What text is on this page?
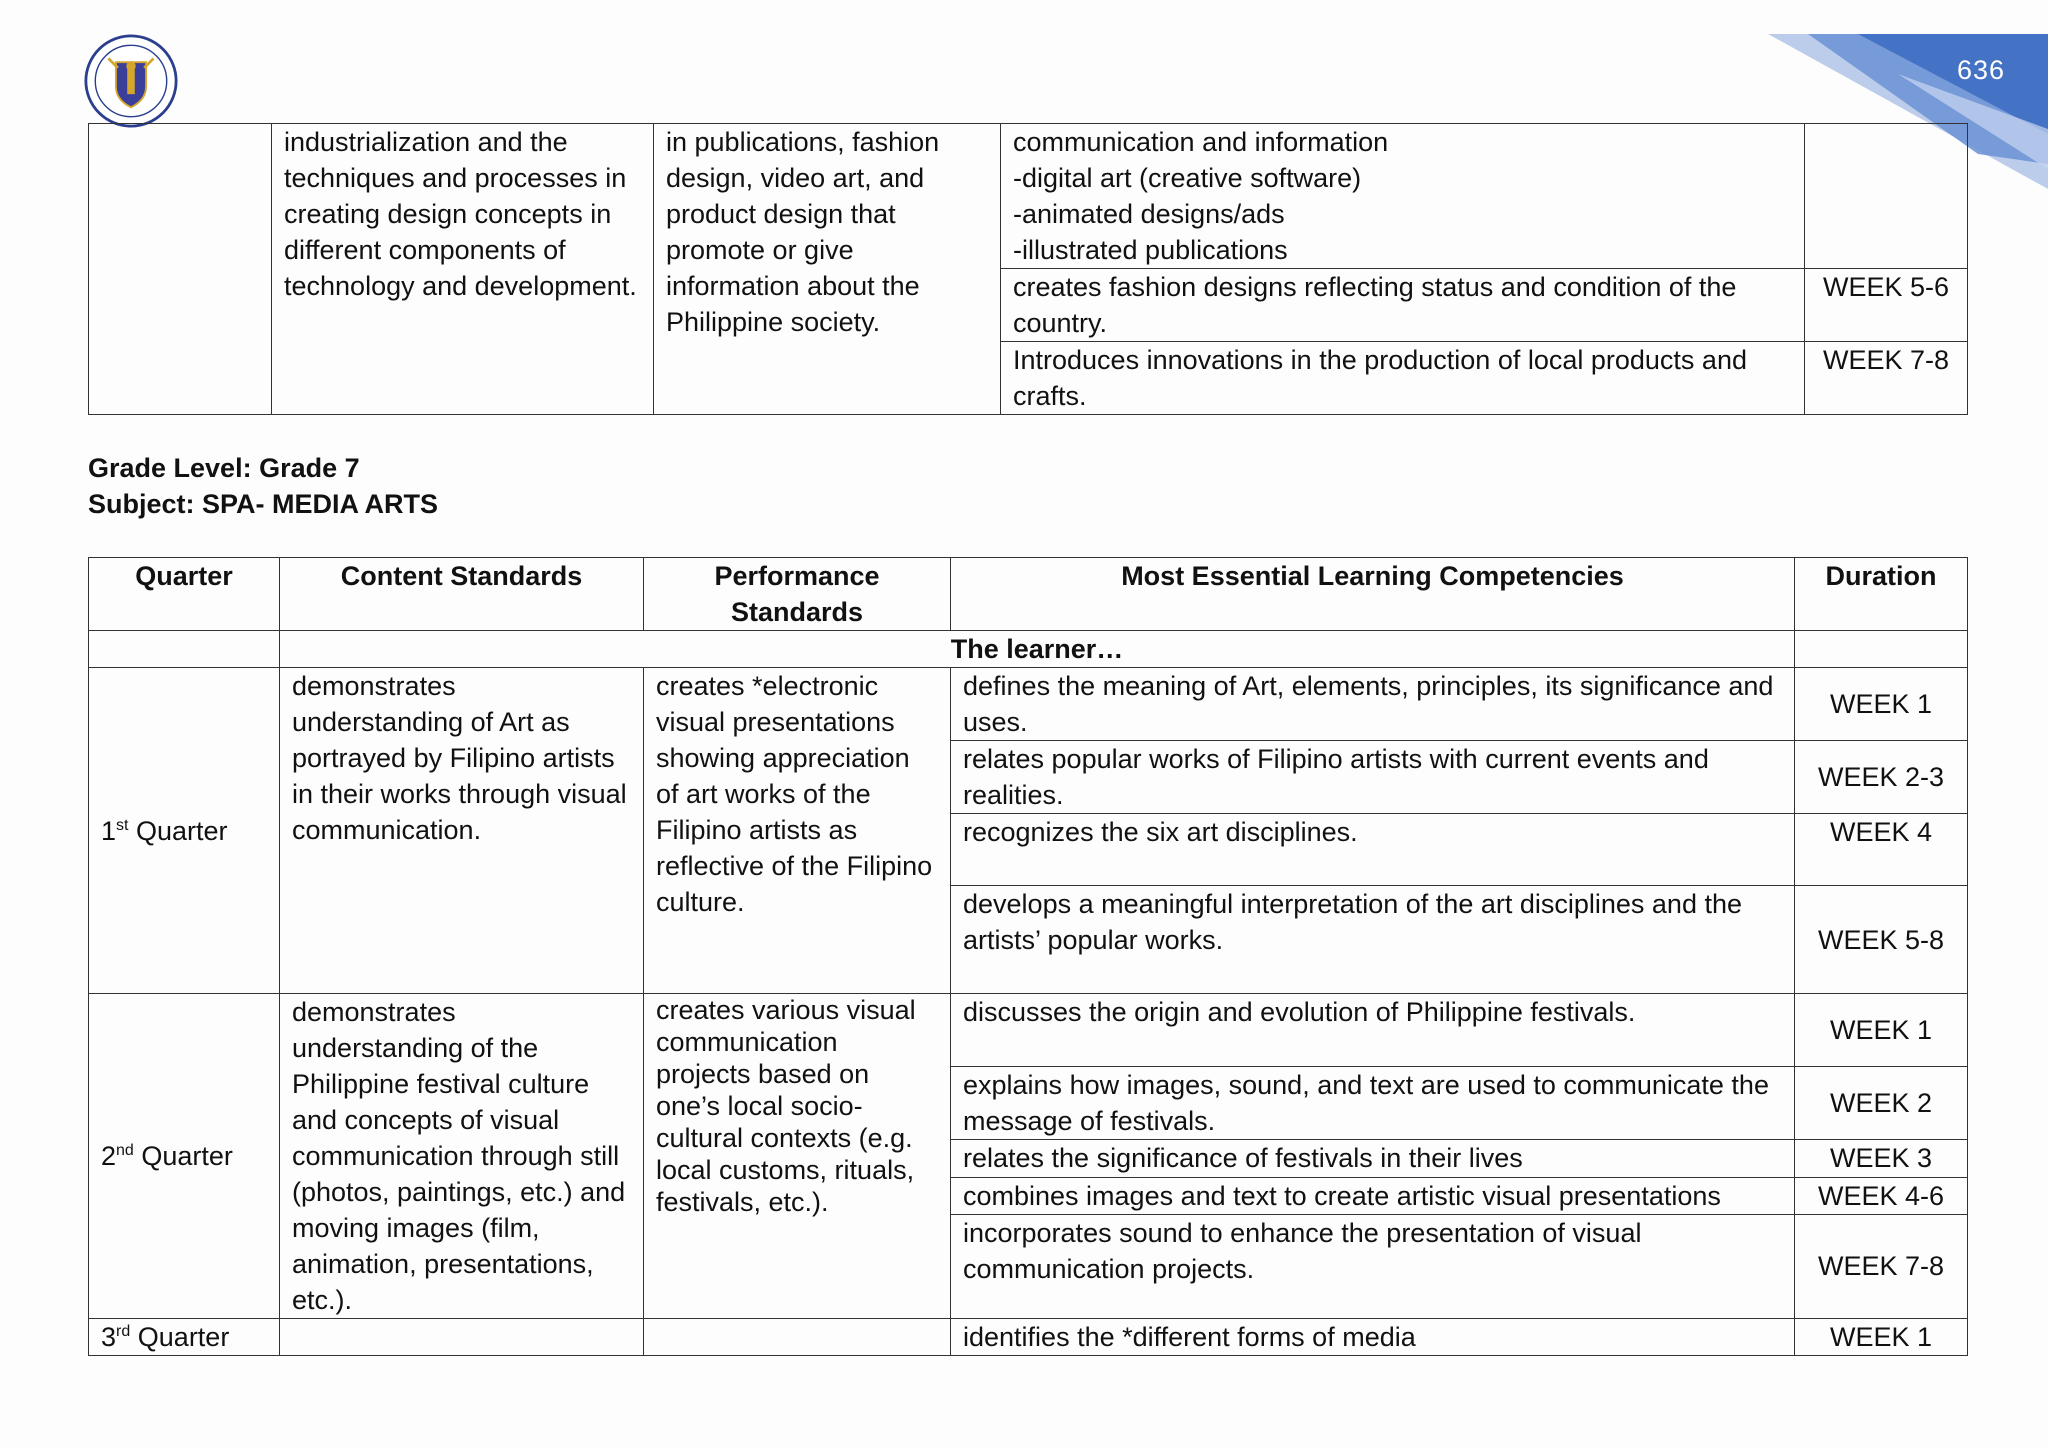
636
	industrialization and the techniques and processes in creating design concepts in different components of technology and development.	in publications, fashion design, video art, and product design that promote or give information about the Philippine society.	communication and information
-digital art (creative software)
-animated designs/ads
-illustrated publications	
			creates fashion designs reflecting status and condition of the country.	WEEK 5-6
			Introduces innovations in the production of local products and crafts.	WEEK 7-8
Grade Level: Grade 7
Subject: SPA- MEDIA ARTS
Quarter	Content Standards	Performance Standards	Most Essential Learning Competencies	Duration
	The learner…			
1st Quarter	demonstrates understanding of Art as portrayed by Filipino artists in their works through visual communication.	creates *electronic visual presentations showing appreciation of art works of the Filipino artists as reflective of the Filipino culture.	defines the meaning of Art, elements, principles, its significance and uses.	WEEK 1
			relates popular works of Filipino artists with current events and realities.	WEEK 2-3
			recognizes the six art disciplines.	WEEK 4
			develops a meaningful interpretation of the art disciplines and the artists’ popular works.	WEEK 5-8
2nd Quarter	demonstrates understanding of the Philippine festival culture and concepts of visual communication through still (photos, paintings, etc.) and moving images (film, animation, presentations, etc.).	creates various visual communication projects based on one’s local socio-cultural contexts (e.g. local customs, rituals, festivals, etc.).	discusses the origin and evolution of Philippine festivals.	WEEK 1
			explains how images, sound, and text are used to communicate the message of festivals.	WEEK 2
			relates the significance of festivals in their lives	WEEK 3
			combines images and text to create artistic visual presentations	WEEK 4-6
			incorporates sound to enhance the presentation of visual communication projects.	WEEK 7-8
3rd Quarter			identifies the *different forms of media	WEEK 1
